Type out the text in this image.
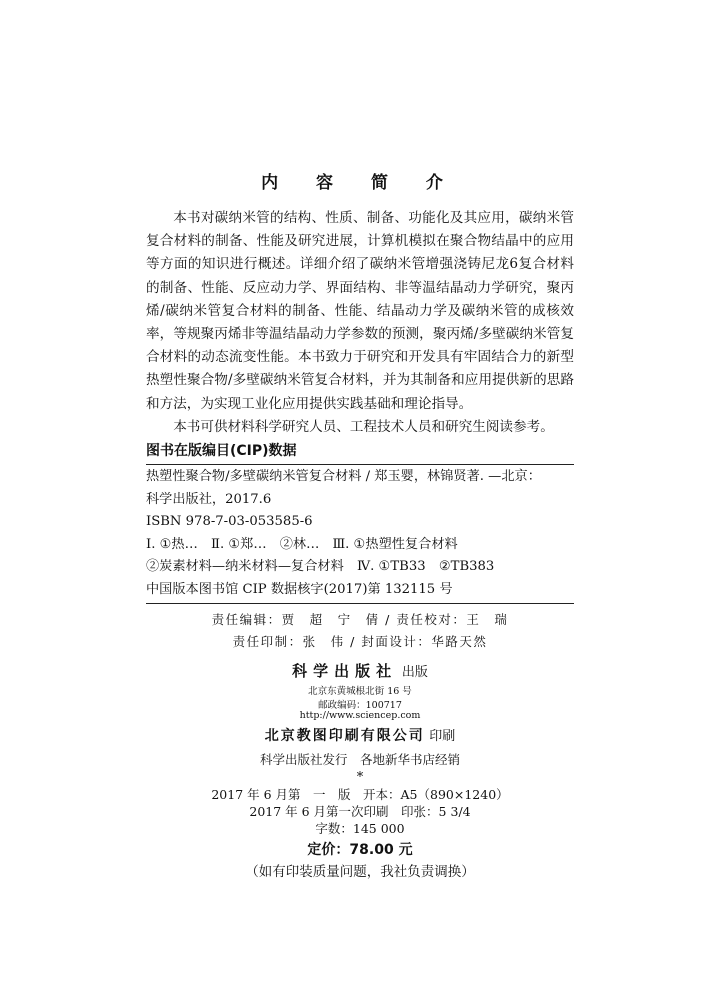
内 容 简 介

本书对碳纳米管的结构、性质、制备、功能化及其应用，碳纳米管复合材料的制备、性能及研究进展，计算机模拟在聚合物结晶中的应用等方面的知识进行概述。详细介绍了碳纳米管增强浇铸尼龙6复合材料的制备、性能、反应动力学、界面结构、非等温结晶动力学研究，聚丙烯/碳纳米管复合材料的制备、性能、结晶动力学及碳纳米管的成核效率，等规聚丙烯非等温结晶动力学参数的预测，聚丙烯/多壁碳纳米管复合材料的动态流变性能。本书致力于研究和开发具有牢固结合力的新型热塑性聚合物/多壁碳纳米管复合材料，并为其制备和应用提供新的思路和方法，为实现工业化应用提供实践基础和理论指导。

本书可供材料科学研究人员、工程技术人员和研究生阅读参考。

图书在版编目(CIP)数据
热塑性聚合物/多壁碳纳米管复合材料 / 郑玉婴，林锦贤著. —北京：
科学出版社，2017.6
ISBN 978-7-03-053585-6
Ⅰ. ①热…　Ⅱ. ①郑…　②林…　Ⅲ. ①热塑性复合材料
②炭素材料—纳米材料—复合材料　Ⅳ. ①TB33　②TB383
中国版本图书馆 CIP 数据核字(2017)第 132115 号
责任编辑：贾　超　宁　倩 / 责任校对：王　瑞
责任印制：张　伟 / 封面设计：华路天然
科学出版社 出版
北京东黄城根北街 16 号
邮政编码：100717
http://www.sciencep.com
北京教图印刷有限公司 印刷
科学出版社发行　各地新华书店经销
*
2017 年 6 月第　一　版　开本：A5（890×1240）
2017 年 6 月第一次印刷　印张：5 3/4
字数：145 000
定价：78.00 元
（如有印装质量问题，我社负责调换）
